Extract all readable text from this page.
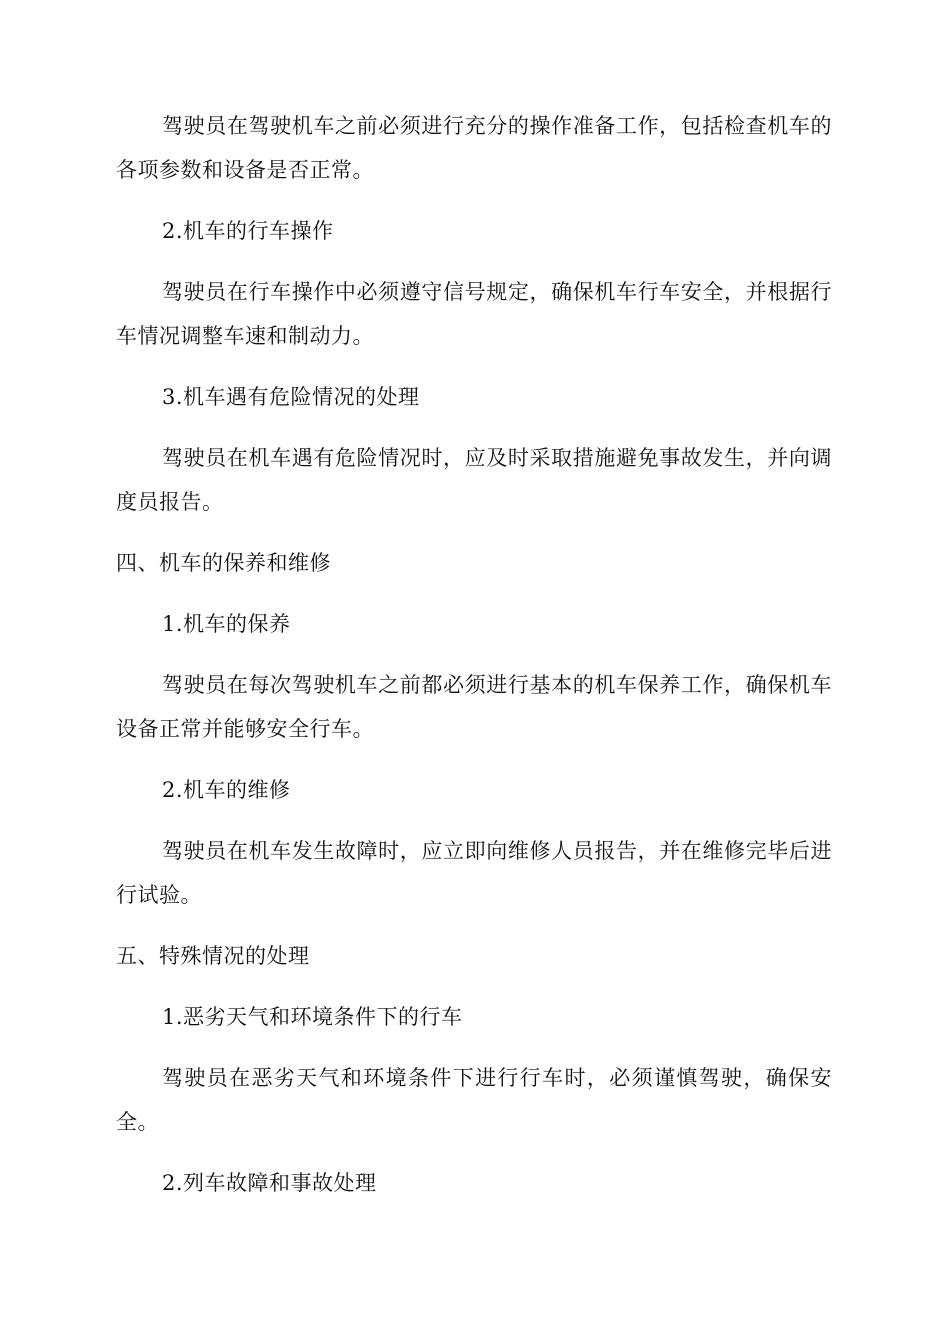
驾驶员在驾驶机车之前必须进行充分的操作准备工作，包括检查机车的各项参数和设备是否正常。

2.机车的行车操作

驾驶员在行车操作中必须遵守信号规定，确保机车行车安全，并根据行车情况调整车速和制动力。

3.机车遇有危险情况的处理

驾驶员在机车遇有危险情况时，应及时采取措施避免事故发生，并向调度员报告。

四、机车的保养和维修

1.机车的保养

驾驶员在每次驾驶机车之前都必须进行基本的机车保养工作，确保机车设备正常并能够安全行车。

2.机车的维修

驾驶员在机车发生故障时，应立即向维修人员报告，并在维修完毕后进行试验。

五、特殊情况的处理

1.恶劣天气和环境条件下的行车

驾驶员在恶劣天气和环境条件下进行行车时，必须谨慎驾驶，确保安全。

2.列车故障和事故处理
